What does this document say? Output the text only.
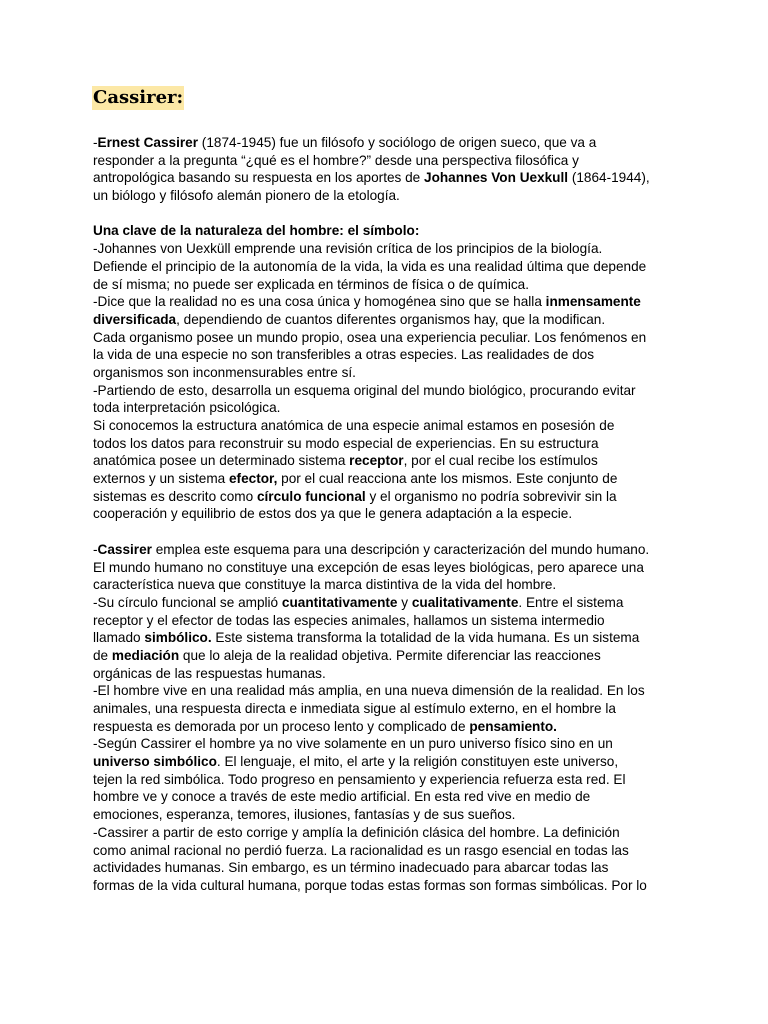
Cassirer:
-Ernest Cassirer (1874-1945) fue un filósofo y sociólogo de origen sueco, que va a
responder a la pregunta “¿qué es el hombre?” desde una perspectiva filosófica y
antropológica basando su respuesta en los aportes de Johannes Von Uexkull (1864-1944),
un biólogo y filósofo alemán pionero de la etología.
Una clave de la naturaleza del hombre: el símbolo:
-Johannes von Uexküll emprende una revisión crítica de los principios de la biología.
Defiende el principio de la autonomía de la vida, la vida es una realidad última que depende
de sí misma; no puede ser explicada en términos de física o de química.
-Dice que la realidad no es una cosa única y homogénea sino que se halla inmensamente
diversificada, dependiendo de cuantos diferentes organismos hay, que la modifican.
Cada organismo posee un mundo propio, osea una experiencia peculiar. Los fenómenos en
la vida de una especie no son transferibles a otras especies. Las realidades de dos
organismos son inconmensurables entre sí.
-Partiendo de esto, desarrolla un esquema original del mundo biológico, procurando evitar
toda interpretación psicológica.
Si conocemos la estructura anatómica de una especie animal estamos en posesión de
todos los datos para reconstruir su modo especial de experiencias. En su estructura
anatómica posee un determinado sistema receptor, por el cual recibe los estímulos
externos y un sistema efector, por el cual reacciona ante los mismos. Este conjunto de
sistemas es descrito como círculo funcional y el organismo no podría sobrevivir sin la
cooperación y equilibrio de estos dos ya que le genera adaptación a la especie.
-Cassirer emplea este esquema para una descripción y caracterización del mundo humano.
El mundo humano no constituye una excepción de esas leyes biológicas, pero aparece una
característica nueva que constituye la marca distintiva de la vida del hombre.
-Su círculo funcional se amplió cuantitativamente y cualitativamente. Entre el sistema
receptor y el efector de todas las especies animales, hallamos un sistema intermedio
llamado simbólico. Este sistema transforma la totalidad de la vida humana. Es un sistema
de mediación que lo aleja de la realidad objetiva. Permite diferenciar las reacciones
orgánicas de las respuestas humanas.
-El hombre vive en una realidad más amplia, en una nueva dimensión de la realidad. En los
animales, una respuesta directa e inmediata sigue al estímulo externo, en el hombre la
respuesta es demorada por un proceso lento y complicado de pensamiento.
-Según Cassirer el hombre ya no vive solamente en un puro universo físico sino en un
universo simbólico. El lenguaje, el mito, el arte y la religión constituyen este universo,
tejen la red simbólica. Todo progreso en pensamiento y experiencia refuerza esta red. El
hombre ve y conoce a través de este medio artificial. En esta red vive en medio de
emociones, esperanza, temores, ilusiones, fantasías y de sus sueños.
-Cassirer a partir de esto corrige y amplía la definición clásica del hombre. La definición
como animal racional no perdió fuerza. La racionalidad es un rasgo esencial en todas las
actividades humanas. Sin embargo, es un término inadecuado para abarcar todas las
formas de la vida cultural humana, porque todas estas formas son formas simbólicas. Por lo
